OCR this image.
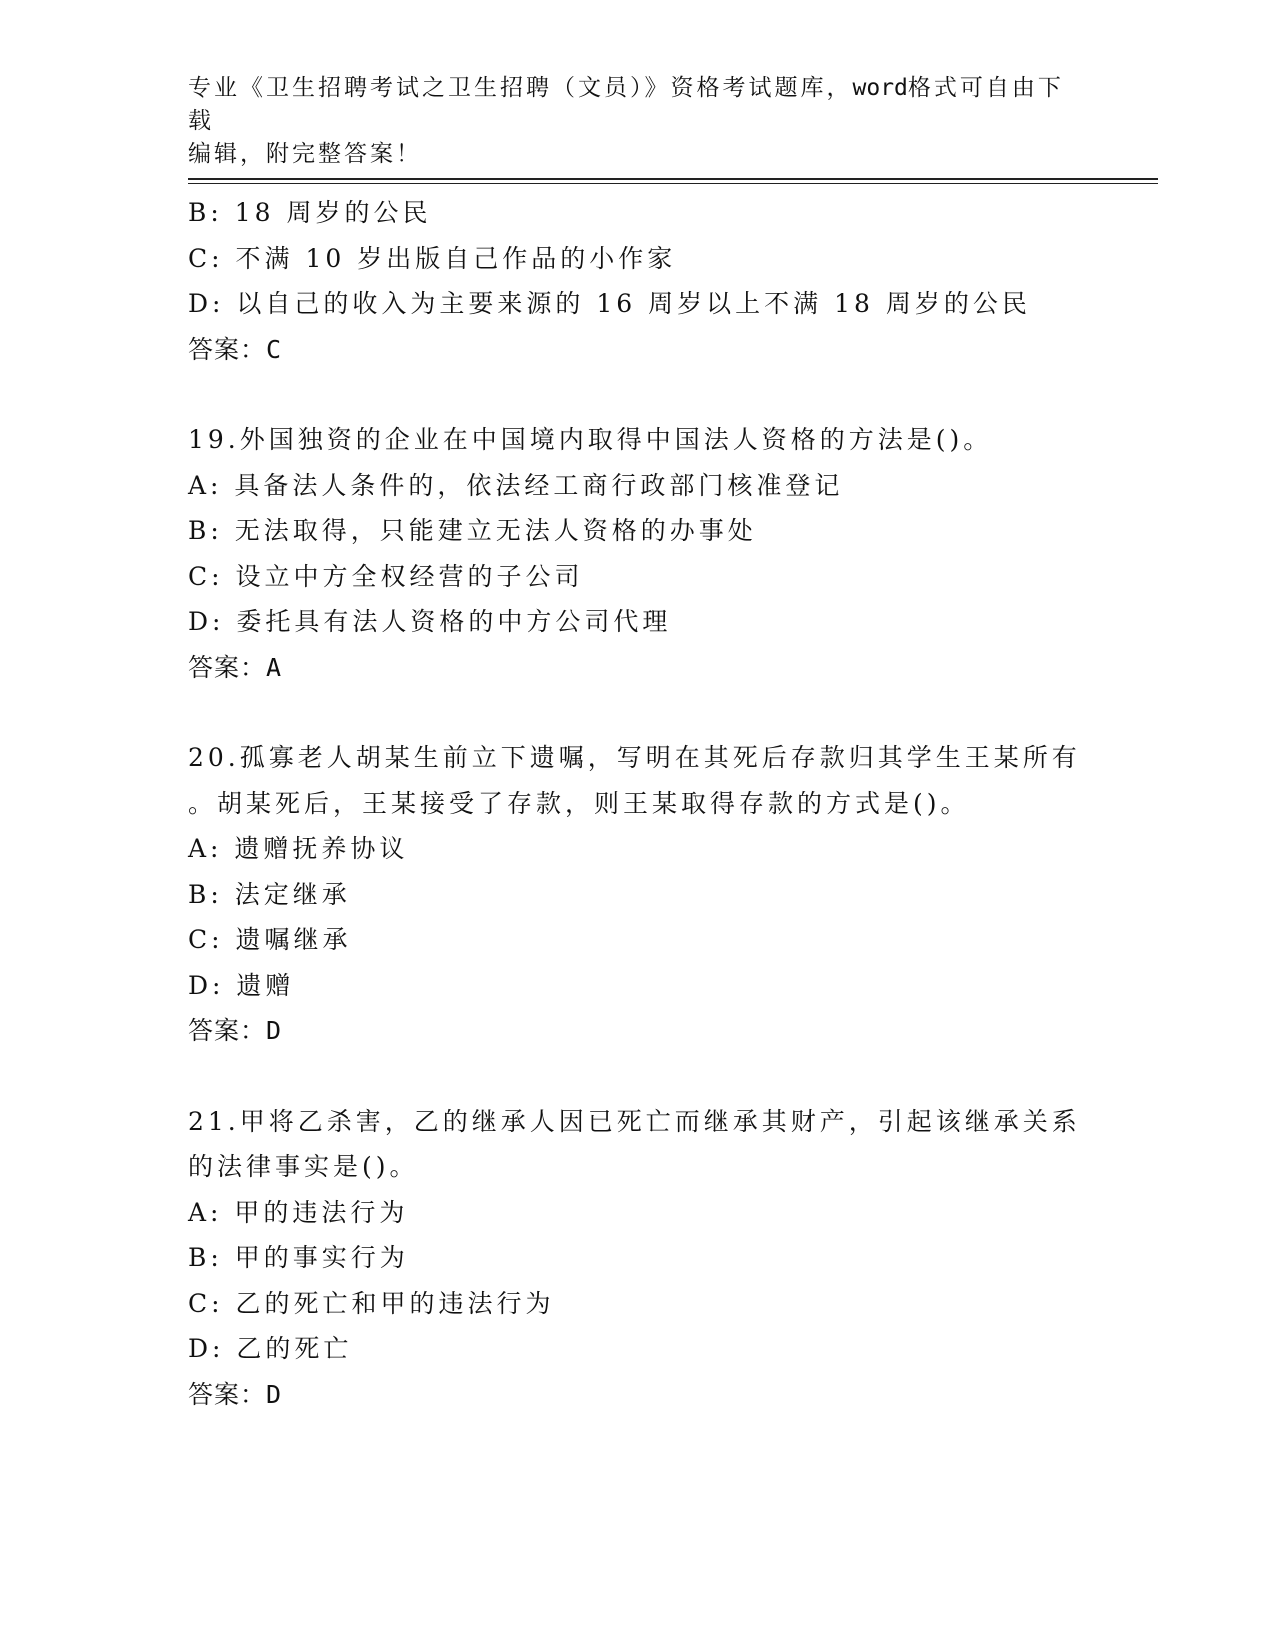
专业《卫生招聘考试之卫生招聘（文员）》资格考试题库，word格式可自由下载
编辑，附完整答案！
B: 18 周岁的公民
C: 不满 10 岁出版自己作品的小作家
D: 以自己的收入为主要来源的 16 周岁以上不满 18 周岁的公民
答案：C
19.外国独资的企业在中国境内取得中国法人资格的方法是()。
A: 具备法人条件的，依法经工商行政部门核准登记
B: 无法取得，只能建立无法人资格的办事处
C: 设立中方全权经营的子公司
D: 委托具有法人资格的中方公司代理
答案：A
20.孤寡老人胡某生前立下遗嘱，写明在其死后存款归其学生王某所有
。胡某死后，王某接受了存款，则王某取得存款的方式是()。
A: 遗赠抚养协议
B: 法定继承
C: 遗嘱继承
D: 遗赠
答案：D
21.甲将乙杀害，乙的继承人因已死亡而继承其财产，引起该继承关系
的法律事实是()。
A: 甲的违法行为
B: 甲的事实行为
C: 乙的死亡和甲的违法行为
D: 乙的死亡
答案：D
